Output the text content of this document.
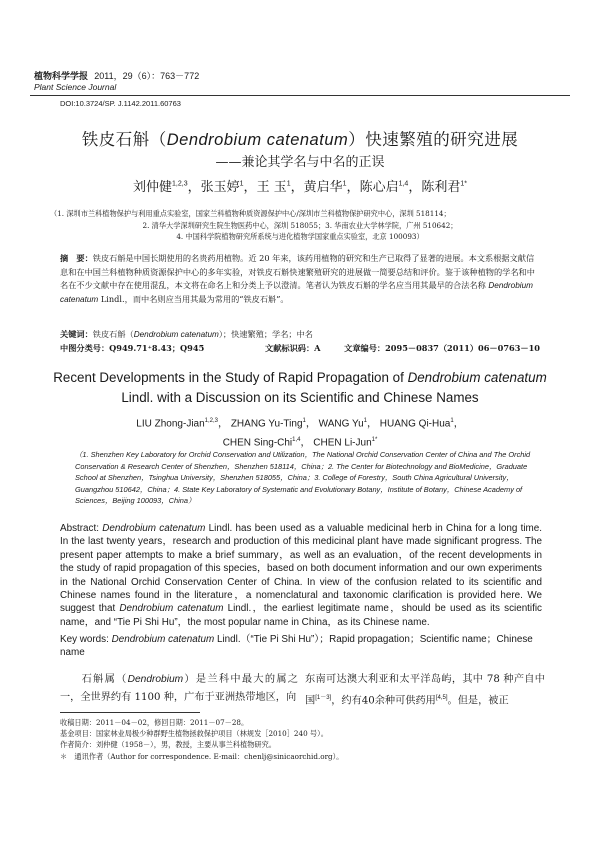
植物科学学报 2011，29（6）：763－772
Plant Science Journal
DOI:10.3724/SP. J.1142.2011.60763
铁皮石斛（Dendrobium catenatum）快速繁殖的研究进展
——兼论其学名与中名的正误
刘仲健$^{1,2,3}$，张玉婷$^1$，王 玉$^1$，黄启华$^1$，陈心启$^{1,4}$，陈利君$^{1*}$
（1. 深圳市兰科植物保护与利用重点实验室，国家兰科植物种质资源保护中心/深圳市兰科植物保护研究中心，深圳 518114；
2. 清华大学深圳研究生院生物医药中心，深圳 518055；3. 华南农业大学林学院，广州 510642；
4. 中国科学院植物研究所系统与进化植物学国家重点实验室，北京 100093）
摘　要：铁皮石斛是中国长期使用的名贵药用植物。近 20 年来，该药用植物的研究和生产已取得了显著的进展。本文系根据文献信息和在中国兰科植物种质资源保护中心的多年实验，对铁皮石斛快速繁殖研究的进展做一简要总结和评价。鉴于该种植物的学名和中名在不少文献中存在使用混乱，本文将在命名上和分类上予以澄清。笔者认为铁皮石斛的学名应当用其最早的合法名称 Dendrobium catenatum Lindl.，而中名则应当用其最为常用的“铁皮石斛”。
关键词：铁皮石斛（Dendrobium catenatum）；快速繁殖；学名；中名
中图分类号：Q949.71⁺8.43；Q945	文献标识码：A	文章编号：2095－0837（2011）06－0763－10
Recent Developments in the Study of Rapid Propagation of Dendrobium catenatum Lindl. with a Discussion on its Scientific and Chinese Names
LIU Zhong-Jian$^{1,2,3}$， ZHANG Yu-Ting$^1$， WANG Yu$^1$， HUANG Qi-Hua$^1$，
CHEN Sing-Chi$^{1,4}$， CHEN Li-Jun$^{1*}$
（1. Shenzhen Key Laboratory for Orchid Conservation and Utilization，The National Orchid Conservation Center of China and The Orchid Conservation & Research Center of Shenzhen，Shenzhen 518114，China；2. The Center for Biotechnology and BioMedicine，Graduate School at Shenzhen，Tsinghua University，Shenzhen 518055，China；3. College of Forestry，South China Agricultural University，Guangzhou 510642，China；4. State Key Laboratory of Systematic and Evolutionary Botany，Institute of Botany，Chinese Academy of Sciences，Beijing 100093，China）
Abstract: Dendrobium catenatum Lindl. has been used as a valuable medicinal herb in China for a long time. In the last twenty years，research and production of this medicinal plant have made significant progress. The present paper attempts to make a brief summary，as well as an evaluation，of the recent developments in the study of rapid propagation of this species，based on both document information and our own experiments in the National Orchid Conservation Center of China. In view of the confusion related to its scientific and Chinese names found in the literature，a nomenclatural and taxonomic clarification is provided here. We suggest that Dendrobium catenatum Lindl.，the earliest legitimate name，should be used as its scientific name，and “Tie Pi Shi Hu”，the most popular name in China，as its Chinese name.
Key words: Dendrobium catenatum Lindl.（“Tie Pi Shi Hu”）；Rapid propagation；Scientific name；Chinese name
  石斛属（Dendrobium）是兰科中最大的属之一，全世界约有 1100 种，广布于亚洲热带地区，向
东南可达澳大利亚和太平洋岛屿，其中 78 种产自中国[1－3]，约有40余种可供药用[4,5]。但是，被正
收稿日期：2011－04－02，修回日期：2011－07－28。
基金项目：国家林业局极少种群野生植物拯救保护项目（林规发［2010］240 号）。
作者简介：刘仲健（1958－），男，教授，主要从事兰科植物研究。
＊　通讯作者（Author for correspondence. E-mail：chenlj@sinicaorchid.org）。
